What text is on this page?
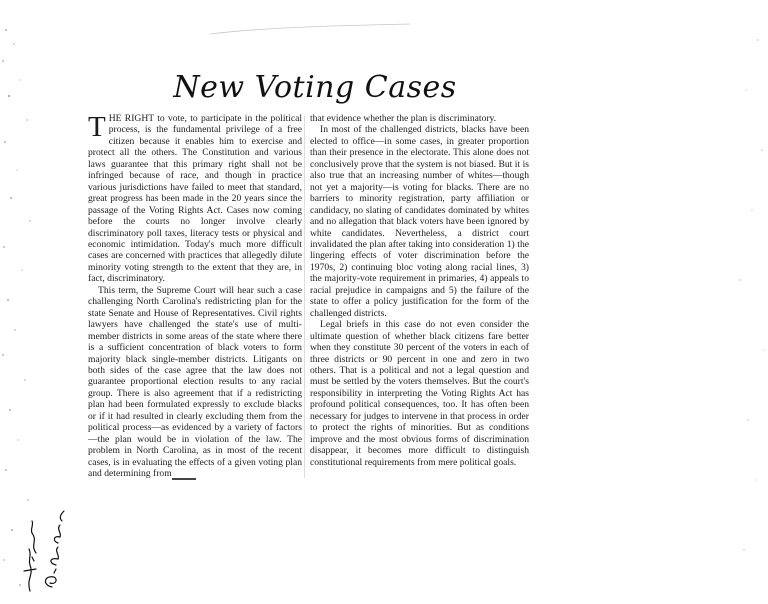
New Voting Cases

THE RIGHT to vote, to participate in the political process, is the fundamental privilege of a free citizen because it enables him to exercise and protect all the others. The Constitution and various laws guarantee that this primary right shall not be infringed because of race, and though in practice various jurisdictions have failed to meet that standard, great progress has been made in the 20 years since the passage of the Voting Rights Act. Cases now coming before the courts no longer involve clearly discriminatory poll taxes, literacy tests or physical and economic intimidation. Today's much more difficult cases are concerned with practices that allegedly dilute minority voting strength to the extent that they are, in fact, discriminatory.

This term, the Supreme Court will hear such a case challenging North Carolina's redistricting plan for the state Senate and House of Representatives. Civil rights lawyers have challenged the state's use of multi-member districts in some areas of the state where there is a sufficient concentration of black voters to form majority black single-member districts. Litigants on both sides of the case agree that the law does not guarantee proportional election results to any racial group. There is also agreement that if a redistricting plan had been formulated expressly to exclude blacks or if it had resulted in clearly excluding them from the political process—as evidenced by a variety of factors—the plan would be in violation of the law. The problem in North Carolina, as in most of the recent cases, is in evaluating the effects of a given voting plan and determining from

that evidence whether the plan is discriminatory.

In most of the challenged districts, blacks have been elected to office—in some cases, in greater proportion than their presence in the electorate. This alone does not conclusively prove that the system is not biased. But it is also true that an increasing number of whites—though not yet a majority—is voting for blacks. There are no barriers to minority registration, party affiliation or candidacy, no slating of candidates dominated by whites and no allegation that black voters have been ignored by white candidates. Nevertheless, a district court invalidated the plan after taking into consideration 1) the lingering effects of voter discrimination before the 1970s, 2) continuing bloc voting along racial lines, 3) the majority-vote requirement in primaries, 4) appeals to racial prejudice in campaigns and 5) the failure of the state to offer a policy justification for the form of the challenged districts.

Legal briefs in this case do not even consider the ultimate question of whether black citizens fare better when they constitute 30 percent of the voters in each of three districts or 90 percent in one and zero in two others. That is a political and not a legal question and must be settled by the voters themselves. But the court's responsibility in interpreting the Voting Rights Act has profound political consequences, too. It has often been necessary for judges to intervene in that process in order to protect the rights of minorities. But as conditions improve and the most obvious forms of discrimination disappear, it becomes more difficult to distinguish constitutional requirements from mere political goals.
